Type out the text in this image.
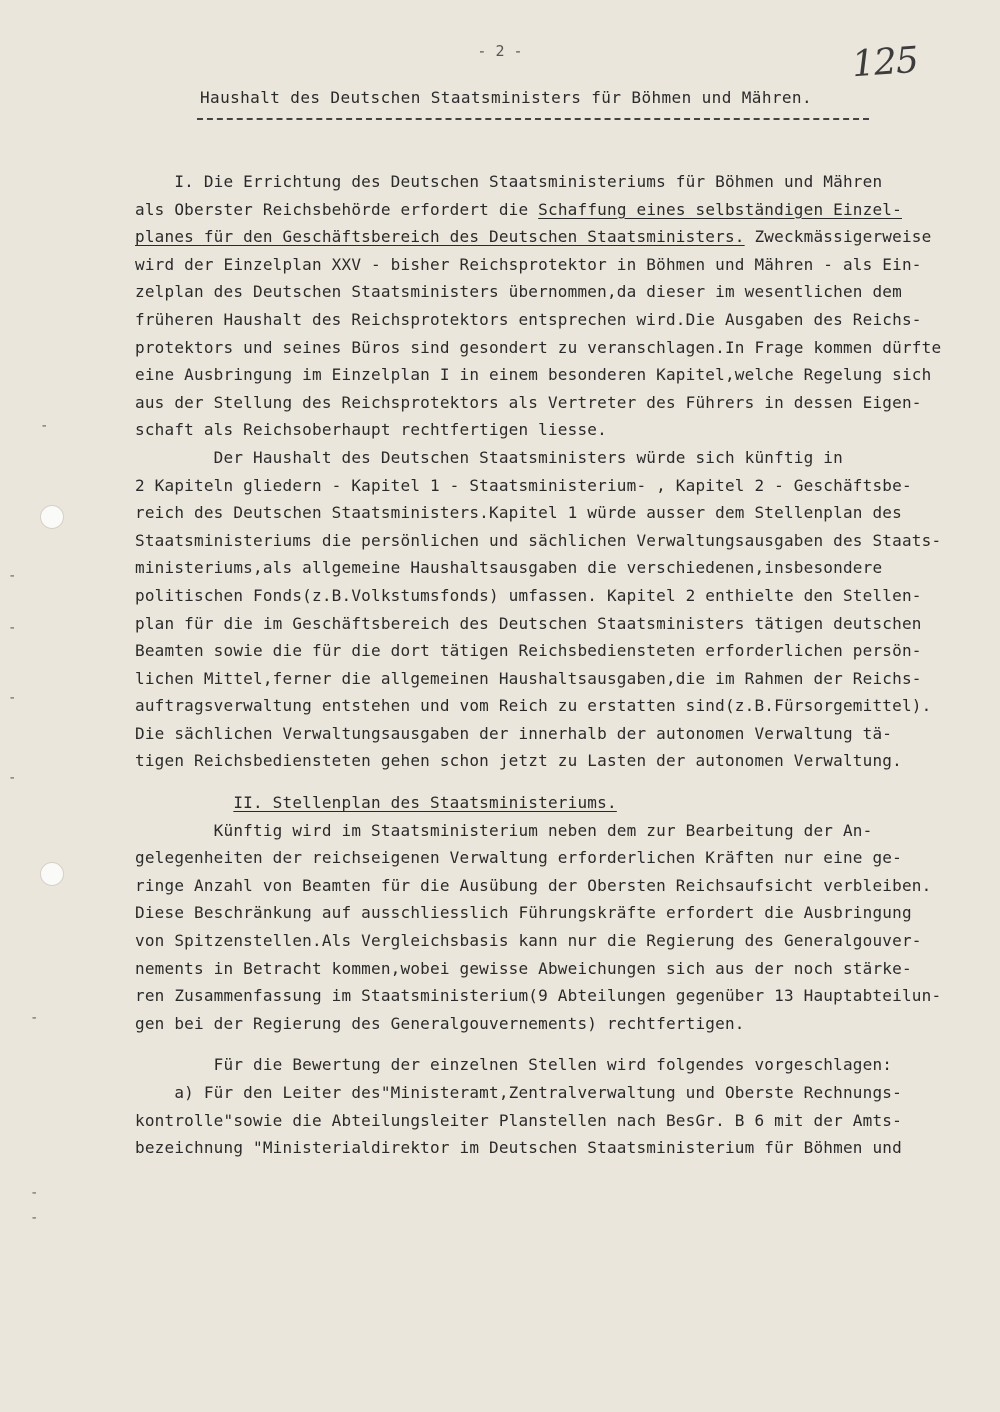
- 2 -	125
Haushalt des Deutschen Staatsministers für Böhmen und Mähren.
-
-
-
-
-
-
-
-

I. Die Errichtung des Deutschen Staatsministeriums für Böhmen und Mähren
als Oberster Reichsbehörde erfordert die Schaffung eines selbständigen Einzel-
planes für den Geschäftsbereich des Deutschen Staatsministers. Zweckmässigerweise
wird der Einzelplan XXV - bisher Reichsprotektor in Böhmen und Mähren - als Ein-
zelplan des Deutschen Staatsministers übernommen,da dieser im wesentlichen dem
früheren Haushalt des Reichsprotektors entsprechen wird.Die Ausgaben des Reichs-
protektors und seines Büros sind gesondert zu veranschlagen.In Frage kommen dürfte
eine Ausbringung im Einzelplan I in einem besonderen Kapitel,welche Regelung sich
aus der Stellung des Reichsprotektors als Vertreter des Führers in dessen Eigen-
schaft als Reichsoberhaupt rechtfertigen liesse.

Der Haushalt des Deutschen Staatsministers würde sich künftig in
2 Kapiteln gliedern - Kapitel 1 - Staatsministerium- , Kapitel 2 - Geschäftsbe-
reich des Deutschen Staatsministers.Kapitel 1 würde ausser dem Stellenplan des
Staatsministeriums die persönlichen und sächlichen Verwaltungsausgaben des Staats-
ministeriums,als allgemeine Haushaltsausgaben die verschiedenen,insbesondere
politischen Fonds(z.B.Volkstumsfonds) umfassen. Kapitel 2 enthielte den Stellen-
plan für die im Geschäftsbereich des Deutschen Staatsministers tätigen deutschen
Beamten sowie die für die dort tätigen Reichsbediensteten erforderlichen persön-
lichen Mittel,ferner die allgemeinen Haushaltsausgaben,die im Rahmen der Reichs-
auftragsverwaltung entstehen und vom Reich zu erstatten sind(z.B.Fürsorgemittel).
Die sächlichen Verwaltungsausgaben der innerhalb der autonomen Verwaltung tä-
tigen Reichsbediensteten gehen schon jetzt zu Lasten der autonomen Verwaltung.

II. Stellenplan des Staatsministeriums.
Künftig wird im Staatsministerium neben dem zur Bearbeitung der An-
gelegenheiten der reichseigenen Verwaltung erforderlichen Kräften nur eine ge-
ringe Anzahl von Beamten für die Ausübung der Obersten Reichsaufsicht verbleiben.
Diese Beschränkung auf ausschliesslich Führungskräfte erfordert die Ausbringung
von Spitzenstellen.Als Vergleichsbasis kann nur die Regierung des Generalgouver-
nements in Betracht kommen,wobei gewisse Abweichungen sich aus der noch stärke-
ren Zusammenfassung im Staatsministerium(9 Abteilungen gegenüber 13 Hauptabteilun-
gen bei der Regierung des Generalgouvernements) rechtfertigen.

Für die Bewertung der einzelnen Stellen wird folgendes vorgeschlagen:
a) Für den Leiter des"Ministeramt,Zentralverwaltung und Oberste Rechnungs-
kontrolle"sowie die Abteilungsleiter Planstellen nach BesGr. B 6 mit der Amts-
bezeichnung "Ministerialdirektor im Deutschen Staatsministerium für Böhmen und
